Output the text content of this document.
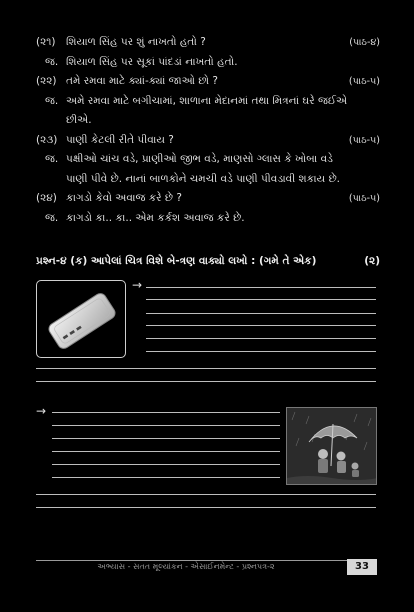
(૨૧) શિયાળ સિંહ પર શું નાખતો હતો ?	(પાઠ-૪)
જ. શિયાળ સિંહ પર સૂકાં પાંદડાં નાખતો હતો.
(૨૨) તમે રમવા માટે ક્યાં-ક્યાં જાઓ છો ?	(પાઠ-૫)
જ. અમે રમવા માટે બગીચામાં, શાળાના મેદાનમાં તથા મિત્રનાં ઘરે જઈએ
છીએ.
(૨૩) પાણી કેટલી રીતે પીવાય ?	(પાઠ-૫)
જ. પક્ષીઓ ચાંચ વડે, પ્રાણીઓ જીભ વડે, માણસો ગ્લાસ કે ખોબા વડે
પાણી પીવે છે. નાનાં બાળકોને ચમચી વડે પાણી પીવડાવી શકાય છે.
(૨૪) કાગડો કેવો અવાજ કરે છે ?	(પાઠ-૫)
જ. કાગડો કા.. કા.. એમ કર્કશ અવાજ કરે છે.
પ્રશ્ન-૪ (ક) આપેલાં ચિત્ર વિશે બે-ત્રણ વાક્યો લખો : (ગમે તે એક)	(૨)
→
→
અભ્યાસ - સતત મૂલ્યાંકન - એસાઈનમેન્ટ - પ્રશ્નપત્ર-૨	33
